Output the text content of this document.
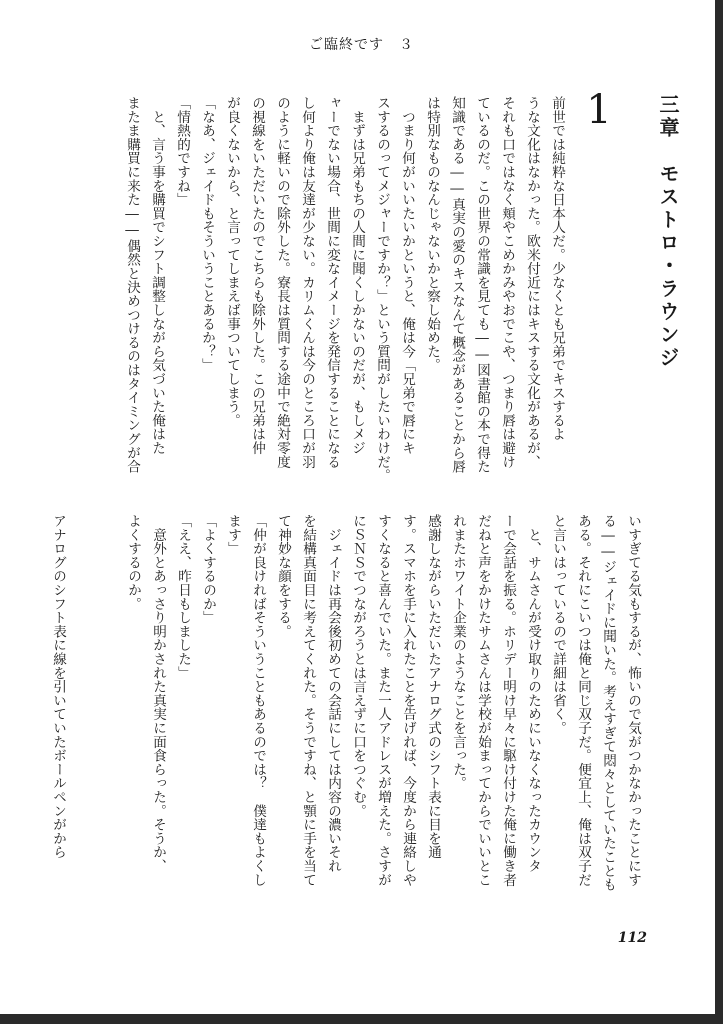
ご臨終です　３
三章　モストロ・ラウンジ
1
前世では純粋な日本人だ。少なくとも兄弟でキスするよ
うな文化はなかった。欧米付近にはキスする文化があるが、
それも口ではなく頬やこめかみやおでこや、つまり唇は避け
ているのだ。この世界の常識を見ても――図書館の本で得た
知識である――真実の愛のキスなんて概念があることから唇
は特別なものなんじゃないかと察し始めた。
　つまり何がいいたいかというと、俺は今「兄弟で唇にキ
スするのってメジャーですか？」という質問がしたいわけだ。
　まずは兄弟もちの人間に聞くしかないのだが、もしメジ
ャーでない場合、世間に変なイメージを発信することになる
し何より俺は友達が少ない。カリムくんは今のところ口が羽
のように軽いので除外した。寮長は質問する途中で絶対零度
の視線をいただいたのでこちらも除外した。この兄弟は仲
が良くないから、と言ってしまえば事ついてしまう。
「なあ、ジェイドもそういうことあるか？」
「情熱的ですね」
　と、言う事を購買でシフト調整しながら気づいた俺はた
またま購買に来た――偶然と決めつけるのはタイミングが合
いすぎてる気もするが、怖いので気がつかなかったことにす
る――ジェイドに聞いた。考えすぎて悶々としていたことも
ある。それにこいつは俺と同じ双子だ。便宜上、俺は双子だ
と言いはっているので詳細は省く。
　と、サムさんが受け取りのためにいなくなったカウンタ
ーで会話を振る。ホリデー明け早々に駆け付けた俺に働き者
だねと声をかけたサムさんは学校が始まってからでいいとこ
れまたホワイト企業のようなことを言った。
感謝しながらいただいたアナログ式のシフト表に目を通
す。スマホを手に入れたことを告げれば、今度から連絡しや
すくなると喜んでいた。また一人アドレスが増えた。さすが
にＳＮＳでつながろうとは言えずに口をつぐむ。
　ジェイドは再会後初めての会話にしては内容の濃いそれ
を結構真面目に考えてくれた。そうですね、と顎に手を当て
て神妙な顔をする。
「仲が良ければそういうこともあるのでは？　僕達もよくし
ます」
「よくするのか」
「ええ、昨日もしました」
　意外とあっさり明かされた真実に面食らった。そうか、
よくするのか。

アナログのシフト表に線を引いていたボールペンがから
112
